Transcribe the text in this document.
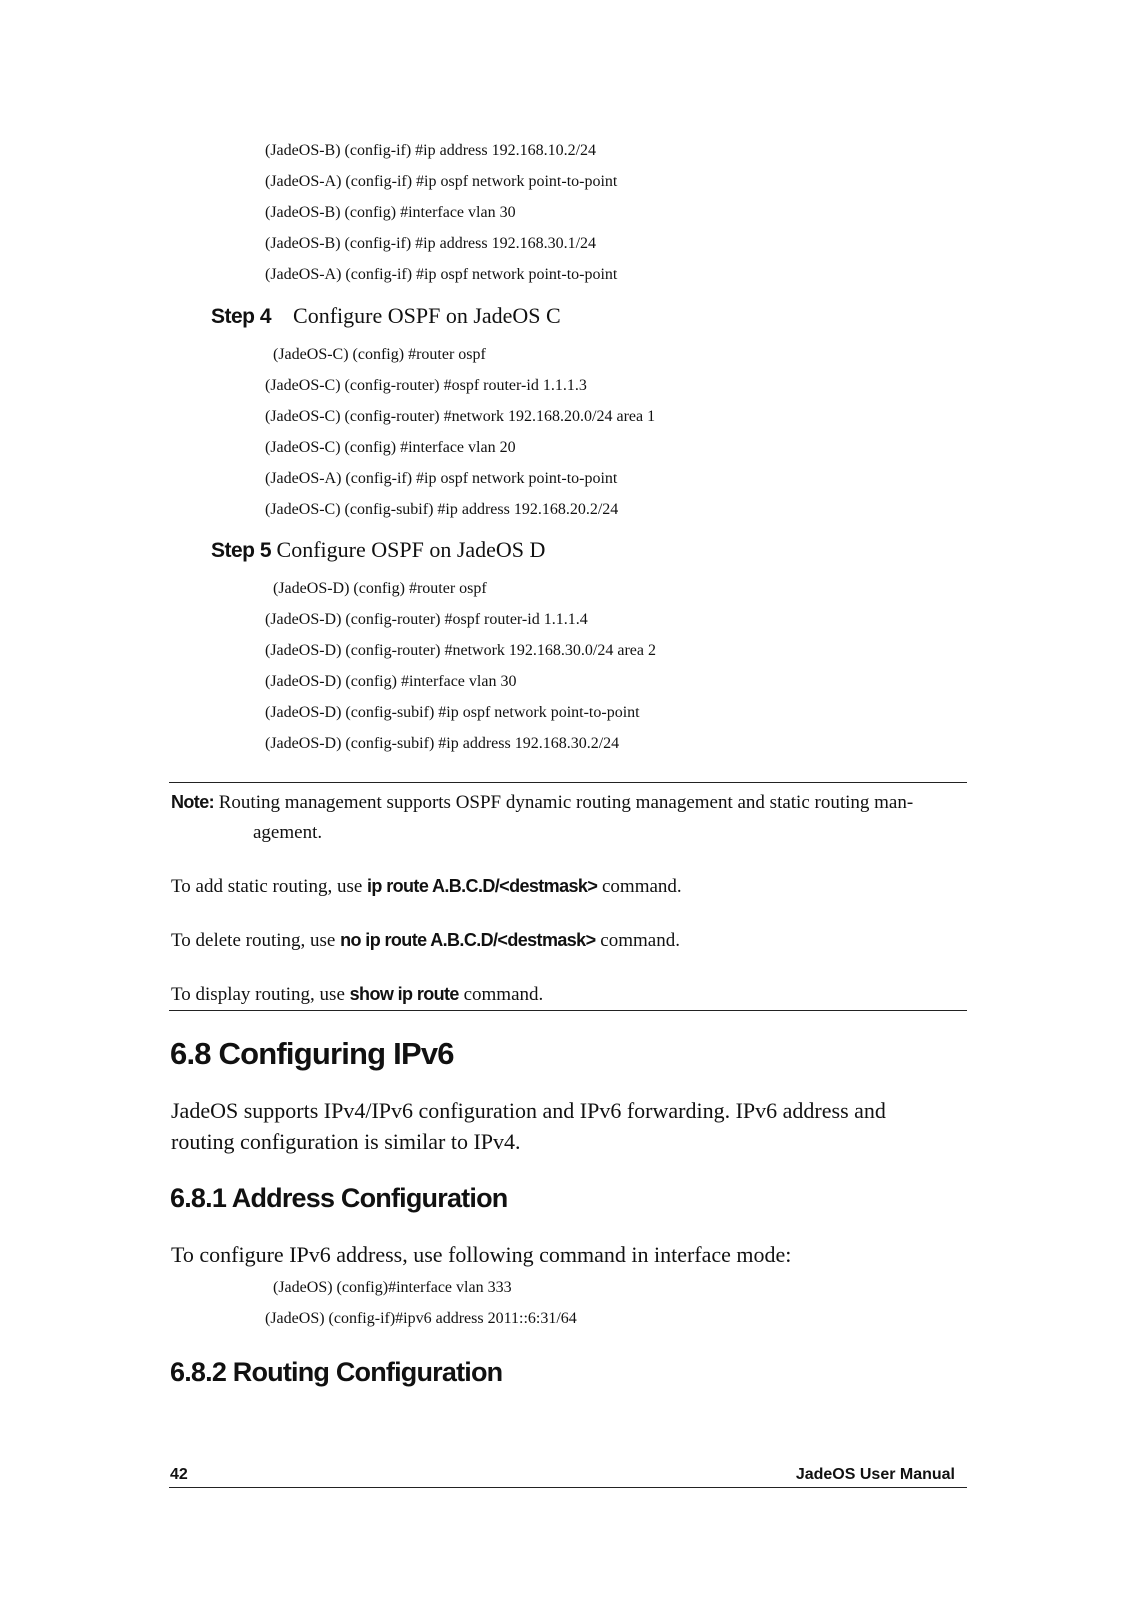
(JadeOS-B) (config-if) #ip address 192.168.10.2/24
(JadeOS-A) (config-if) #ip ospf network point-to-point
(JadeOS-B) (config) #interface vlan 30
(JadeOS-B) (config-if) #ip address 192.168.30.1/24
(JadeOS-A) (config-if) #ip ospf network point-to-point
Step 4 Configure OSPF on JadeOS C
(JadeOS-C) (config) #router ospf
(JadeOS-C) (config-router) #ospf router-id 1.1.1.3
(JadeOS-C) (config-router) #network 192.168.20.0/24 area 1
(JadeOS-C) (config) #interface vlan 20
(JadeOS-A) (config-if) #ip ospf network point-to-point
(JadeOS-C) (config-subif) #ip address 192.168.20.2/24
Step 5 Configure OSPF on JadeOS D
(JadeOS-D) (config) #router ospf
(JadeOS-D) (config-router) #ospf router-id 1.1.1.4
(JadeOS-D) (config-router) #network 192.168.30.0/24 area 2
(JadeOS-D) (config) #interface vlan 30
(JadeOS-D) (config-subif) #ip ospf network point-to-point
(JadeOS-D) (config-subif) #ip address 192.168.30.2/24
Note: Routing management supports OSPF dynamic routing management and static routing man-
agement.
To add static routing, use ip route A.B.C.D/<destmask> command.
To delete routing, use no ip route A.B.C.D/<destmask> command.
To display routing, use show ip route command.
6.8 Configuring IPv6
JadeOS supports IPv4/IPv6 configuration and IPv6 forwarding. IPv6 address and
routing configuration is similar to IPv4.
6.8.1 Address Configuration
To configure IPv6 address, use following command in interface mode:
(JadeOS) (config)#interface vlan 333
(JadeOS) (config-if)#ipv6 address 2011::6:31/64
6.8.2 Routing Configuration
42	JadeOS User Manual
